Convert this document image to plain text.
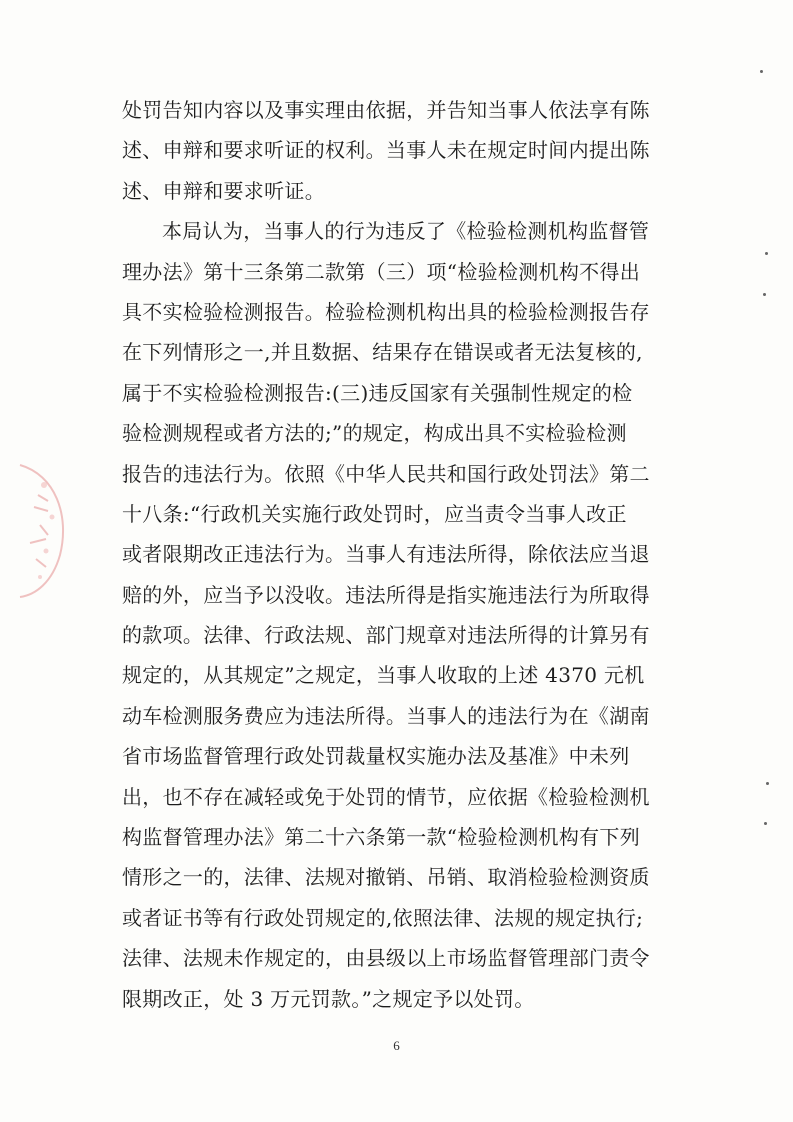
处罚告知内容以及事实理由依据，并告知当事人依法享有陈
述、申辩和要求听证的权利。当事人未在规定时间内提出陈
述、申辩和要求听证。
本局认为，当事人的行为违反了《检验检测机构监督管
理办法》第十三条第二款第（三）项“检验检测机构不得出
具不实检验检测报告。检验检测机构出具的检验检测报告存
在下列情形之一,并且数据、结果存在错误或者无法复核的,
属于不实检验检测报告:(三)违反国家有关强制性规定的检
验检测规程或者方法的;”的规定，构成出具不实检验检测
报告的违法行为。依照《中华人民共和国行政处罚法》第二
十八条:“行政机关实施行政处罚时，应当责令当事人改正
或者限期改正违法行为。当事人有违法所得，除依法应当退
赔的外，应当予以没收。违法所得是指实施违法行为所取得
的款项。法律、行政法规、部门规章对违法所得的计算另有
规定的，从其规定”之规定，当事人收取的上述 4370 元机
动车检测服务费应为违法所得。当事人的违法行为在《湖南
省市场监督管理行政处罚裁量权实施办法及基准》中未列
出，也不存在减轻或免于处罚的情节，应依据《检验检测机
构监督管理办法》第二十六条第一款“检验检测机构有下列
情形之一的，法律、法规对撤销、吊销、取消检验检测资质
或者证书等有行政处罚规定的,依照法律、法规的规定执行;
法律、法规未作规定的，由县级以上市场监督管理部门责令
限期改正，处 3 万元罚款。”之规定予以处罚。
6
